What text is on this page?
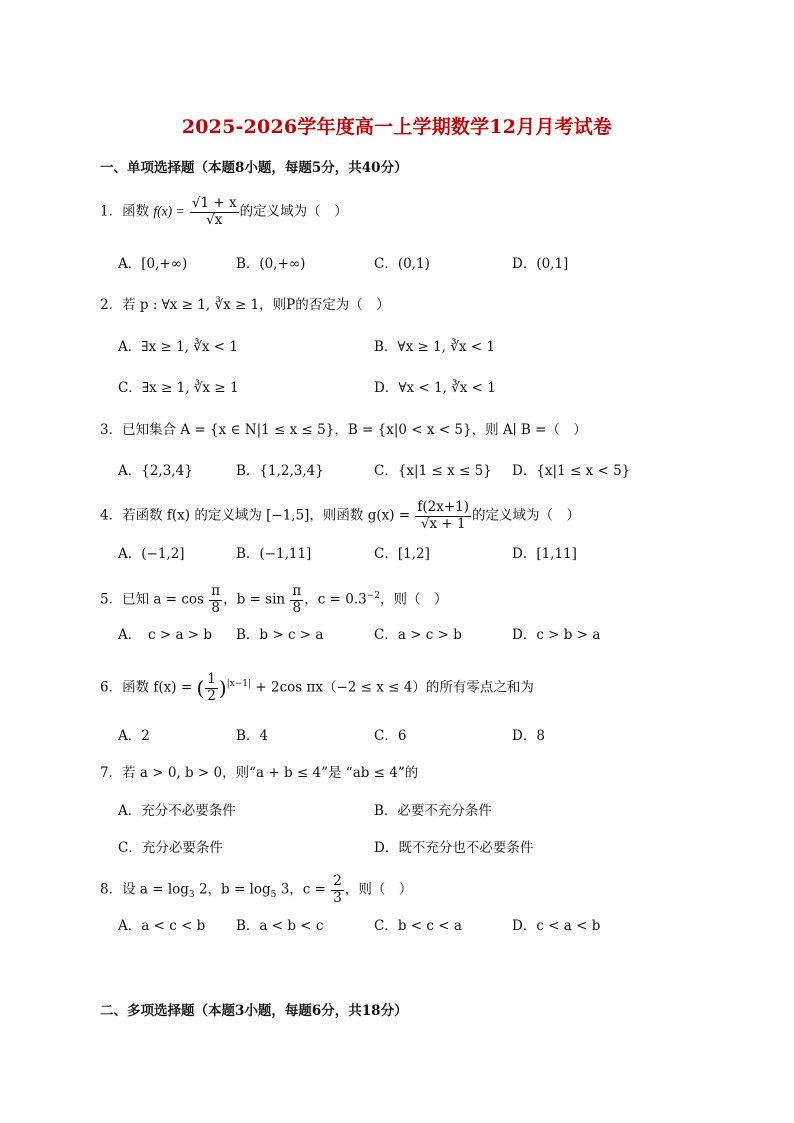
2025-2026学年度高一上学期数学12月月考试卷
一、单项选择题（本题8小题，每题5分，共40分）
1．函数 $f(x) = \frac{√1 + x}{√x}$ 的定义域为（　）
A．[0,+∞)	B．(0,+∞)	C．(0,1)	D．(0,1]
2．若 p : ∀x ≥ 1, ∛x ≥ 1，则P的否定为（　）
A．∃x ≥ 1, ∛x < 1	B．∀x ≥ 1, ∛x < 1
C．∃x ≥ 1, ∛x ≥ 1	D．∀x < 1, ∛x < 1
3．已知集合 A = {x ∈ N|1 ≤ x ≤ 5}，B = {x|0 < x < 5}，则 A∣ B =（　）
A．{2,3,4}	B．{1,2,3,4}	C．{x|1 ≤ x ≤ 5} D．{x|1 ≤ x < 5}
4．若函数 f(x) 的定义域为 [−1,5]，则函数 $g(x) = \frac{f(2x+1)}{√x + 1}$ 的定义域为（　）
A．(−1,2]	B．(−1,11]	C．[1,2]	D．[1,11]
5．已知 $a = \cos \frac{\pi}{8}$ ，$b = \sin \frac{\pi}{8}$ ，$c = 0.3^{-2}$，则（　）
A．　c > a > b B．b > c > a	C．a > c > b	D．c > b > a
6．函数 f(x) = ( $\frac{1}{2} )^{|x-1|} + 2\cos$ πx（−2 ≤ x ≤ 4）的所有零点之和为
A．2	B．4	C．6	D．8
7．若 a > 0, b > 0，则“a + b ≤ 4”是 “ab ≤ 4”的
A．充分不必要条件	B．必要不充分条件
C．充分必要条件	D．既不充分也不必要条件
8．设 $a = \log_3 2$，$b = \log_5 3$，$c = \frac{2}{3}$ ，则（　）
A．a < c < b B．a < b < c	C．b < c < a	D．c < a < b
二、多项选择题（本题3小题，每题6分，共18分）
